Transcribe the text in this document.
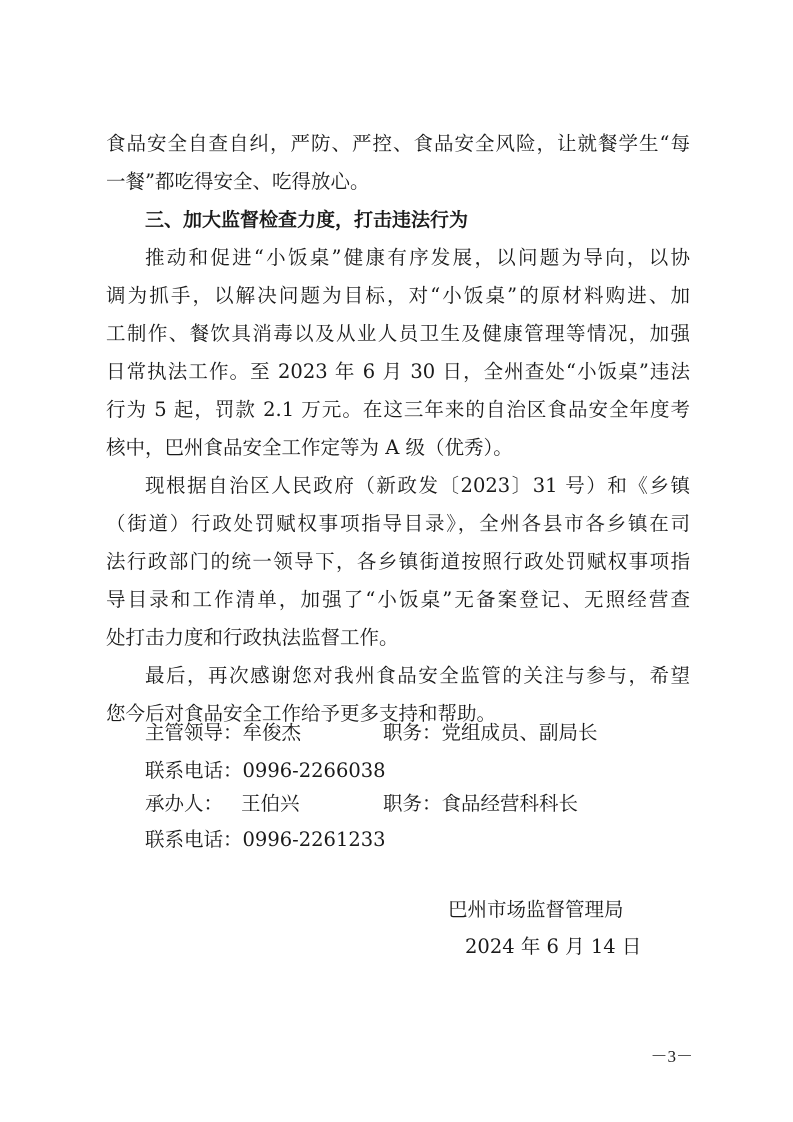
食品安全自查自纠，严防、严控、食品安全风险，让就餐学生“每
一餐”都吃得安全、吃得放心。
三、加大监督检查力度，打击违法行为
推动和促进“小饭桌”健康有序发展，以问题为导向，以协
调为抓手，以解决问题为目标，对“小饭桌”的原材料购进、加
工制作、餐饮具消毒以及从业人员卫生及健康管理等情况，加强
日常执法工作。至 2023 年 6 月 30 日，全州查处“小饭桌”违法
行为 5 起，罚款 2.1 万元。在这三年来的自治区食品安全年度考
核中，巴州食品安全工作定等为 A 级（优秀）。
现根据自治区人民政府（新政发〔2023〕31 号）和《乡镇
（街道）行政处罚赋权事项指导目录》，全州各县市各乡镇在司
法行政部门的统一领导下，各乡镇街道按照行政处罚赋权事项指
导目录和工作清单，加强了“小饭桌”无备案登记、无照经营查
处打击力度和行政执法监督工作。
最后，再次感谢您对我州食品安全监管的关注与参与，希望
您今后对食品安全工作给予更多支持和帮助。
主管领导：牟俊杰	职务：党组成员、副局长
联系电话：0996-2266038
承办人： 王伯兴	职务：食品经营科科长
联系电话：0996-2261233
巴州市场监督管理局
2024 年 6 月 14 日
－3－
